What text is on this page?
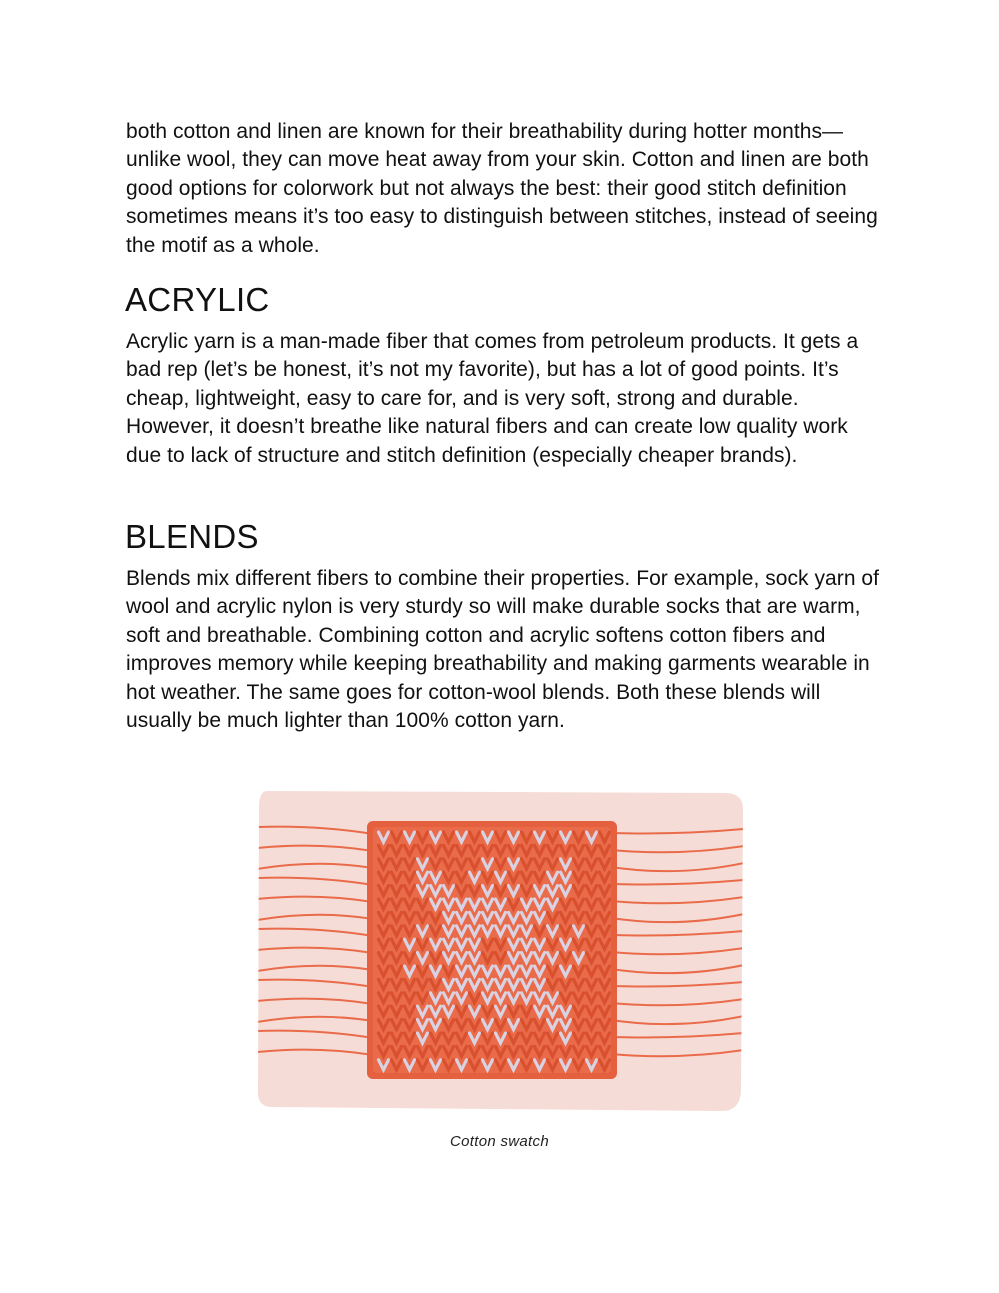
both cotton and linen are known for their breathability during hotter months—unlike wool, they can move heat away from your skin. Cotton and linen are both good options for colorwork but not always the best: their good stitch definition sometimes means it’s too easy to distinguish between stitches, instead of seeing the motif as a whole.

ACRYLIC

Acrylic yarn is a man-made fiber that comes from petroleum products. It gets a bad rep (let’s be honest, it’s not my favorite), but has a lot of good points. It’s cheap, lightweight, easy to care for, and is very soft, strong and durable. However, it doesn’t breathe like natural fibers and can create low quality work due to lack of structure and stitch definition (especially cheaper brands).

BLENDS

Blends mix different fibers to combine their properties. For example, sock yarn of wool and acrylic nylon is very sturdy so will make durable socks that are warm, soft and breathable. Combining cotton and acrylic softens cotton fibers and improves memory while keeping breathability and making garments wearable in hot weather. The same goes for cotton-wool blends. Both these blends will usually be much lighter than 100% cotton yarn.

Cotton swatch
